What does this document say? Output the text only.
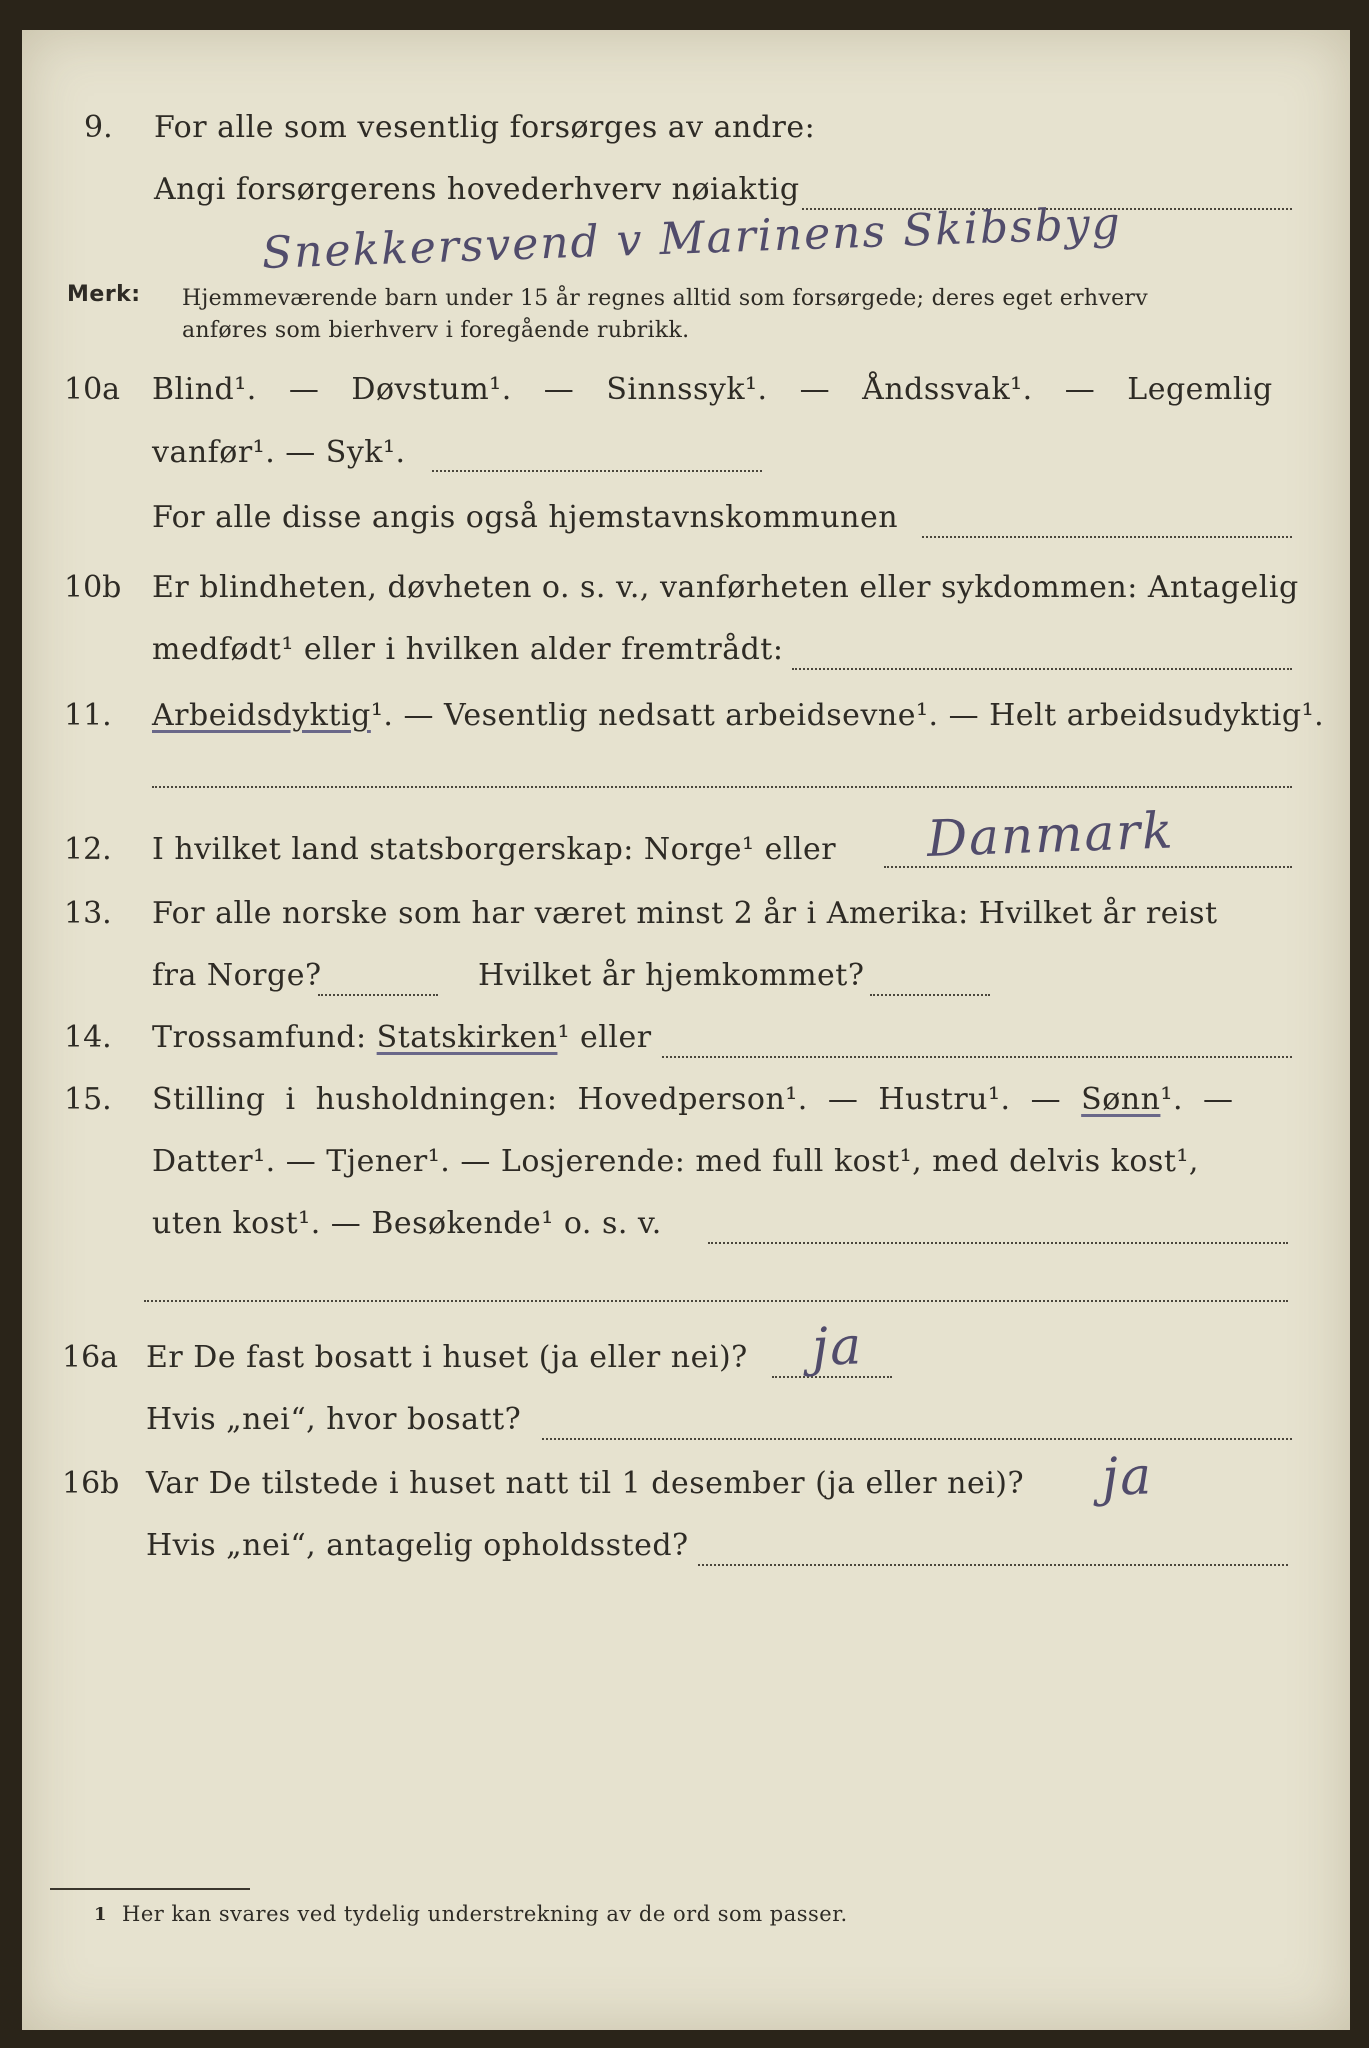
9. For alle som vesentlig forsørges av andre:
Angi forsørgerens hovederhverv nøiaktig
Snekkersvend v Marinens Skibsbyg
Merk: Hjemmeværende barn under 15 år regnes alltid som forsørgede; deres eget erhverv
anføres som bierhverv i foregående rubrikk.
10a Blind¹. — Døvstum¹. — Sinnssyk¹. — Åndssvak¹. — Legemlig
vanfør¹. — Syk¹.
For alle disse angis også hjemstavnskommunen
10b Er blindheten, døvheten o. s. v., vanførheten eller sykdommen: Antagelig
medfødt¹ eller i hvilken alder fremtrådt:
11. Arbeidsdyktig¹. — Vesentlig nedsatt arbeidsevne¹. — Helt arbeidsudyktig¹.
12. I hvilket land statsborgerskap: Norge¹ eller Danmark
13. For alle norske som har været minst 2 år i Amerika: Hvilket år reist
fra Norge?	Hvilket år hjemkommet?
14. Trossamfund: Statskirken¹ eller
15. Stilling i husholdningen: Hovedperson¹. — Hustru¹. — Sønn¹. —
Datter¹. — Tjener¹. — Losjerende: med full kost¹, med delvis kost¹,
uten kost¹. — Besøkende¹ o. s. v.
16a Er De fast bosatt i huset (ja eller nei)? ja
Hvis „nei“, hvor bosatt?
16b Var De tilstede i huset natt til 1 desember (ja eller nei)? ja
Hvis „nei“, antagelig opholdssted?
1 Her kan svares ved tydelig understrekning av de ord som passer.
